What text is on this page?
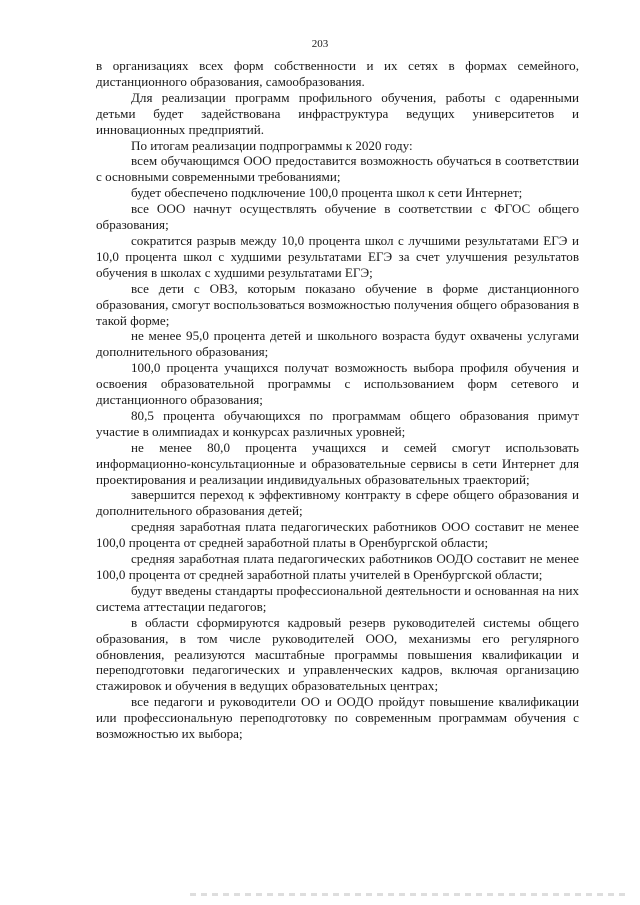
203

в организациях всех форм собственности и их сетях в формах семейного, дистанционного образования, самообразования.

Для реализации программ профильного обучения, работы с одаренными детьми будет задействована инфраструктура ведущих университетов и инновационных предприятий.

По итогам реализации подпрограммы к 2020 году:

всем обучающимся ООО предоставится возможность обучаться в соответствии с основными современными требованиями;

будет обеспечено подключение 100,0 процента школ к сети Интернет;

все ООО начнут осуществлять обучение в соответствии с ФГОС общего образования;

сократится разрыв между 10,0 процента школ с лучшими результатами ЕГЭ и 10,0 процента школ с худшими результатами ЕГЭ за счет улучшения результатов обучения в школах с худшими результатами ЕГЭ;

все дети с ОВЗ, которым показано обучение в форме дистанционного образования, смогут воспользоваться возможностью получения общего образования в такой форме;

не менее 95,0 процента детей и школьного возраста будут охвачены услугами дополнительного образования;

100,0 процента учащихся получат возможность выбора профиля обучения и освоения образовательной программы с использованием форм сетевого и дистанционного образования;

80,5 процента обучающихся по программам общего образования примут участие в олимпиадах и конкурсах различных уровней;

не менее 80,0 процента учащихся и семей смогут использовать информационно-консультационные и образовательные сервисы в сети Интернет для проектирования и реализации индивидуальных образовательных траекторий;

завершится переход к эффективному контракту в сфере общего образования и дополнительного образования детей;

средняя заработная плата педагогических работников ООО составит не менее 100,0 процента от средней заработной платы в Оренбургской области;

средняя заработная плата педагогических работников ООДО составит не менее 100,0 процента от средней заработной платы учителей в Оренбургской области;

будут введены стандарты профессиональной деятельности и основанная на них система аттестации педагогов;

в области сформируются кадровый резерв руководителей системы общего образования, в том числе руководителей ООО, механизмы его регулярного обновления, реализуются масштабные программы повышения квалификации и переподготовки педагогических и управленческих кадров, включая организацию стажировок и обучения в ведущих образовательных центрах;

все педагоги и руководители ОО и ООДО пройдут повышение квалификации или профессиональную переподготовку по современным программам обучения с возможностью их выбора;
